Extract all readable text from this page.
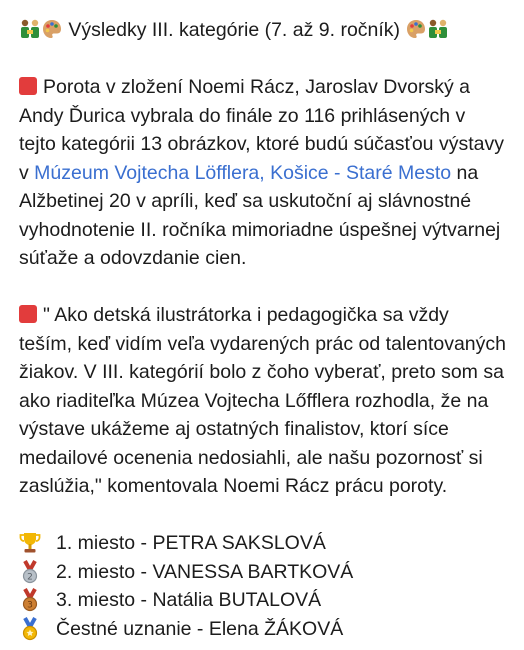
Výsledky III. kategórie (7. až 9. ročník)

Porota v zložení Noemi Rácz, Jaroslav Dvorský a Andy Ďurica vybrala do finále zo 116 prihlásených v tejto kategórii 13 obrázkov, ktoré budú súčasťou výstavy v Múzeum Vojtecha Löfflera, Košice - Staré Mesto na Alžbetinej 20 v apríli, keď sa uskutoční aj slávnostné vyhodnotenie II. ročníka mimoriadne úspešnej výtvarnej súťaže a odovzdanie cien.

" Ako detská ilustrátorka i pedagogička sa vždy teším, keď vidím veľa vydarených prác od talentovaných žiakov. V III. kategórií bolo z čoho vyberať, preto som sa ako riaditeľka Múzea Vojtecha Lőfflera rozhodla, že na výstave ukážeme aj ostatných finalistov, ktorí síce medailové ocenenia nedosiahli, ale našu pozornosť si zaslúžia," komentovala Noemi Rácz prácu poroty.

1. miesto - PETRA SAKSLOVÁ
2 2. miesto - VANESSA BARTKOVÁ
3 3. miesto - Natália BUTALOVÁ
Čestné uznanie - Elena ŽÁKOVÁ
